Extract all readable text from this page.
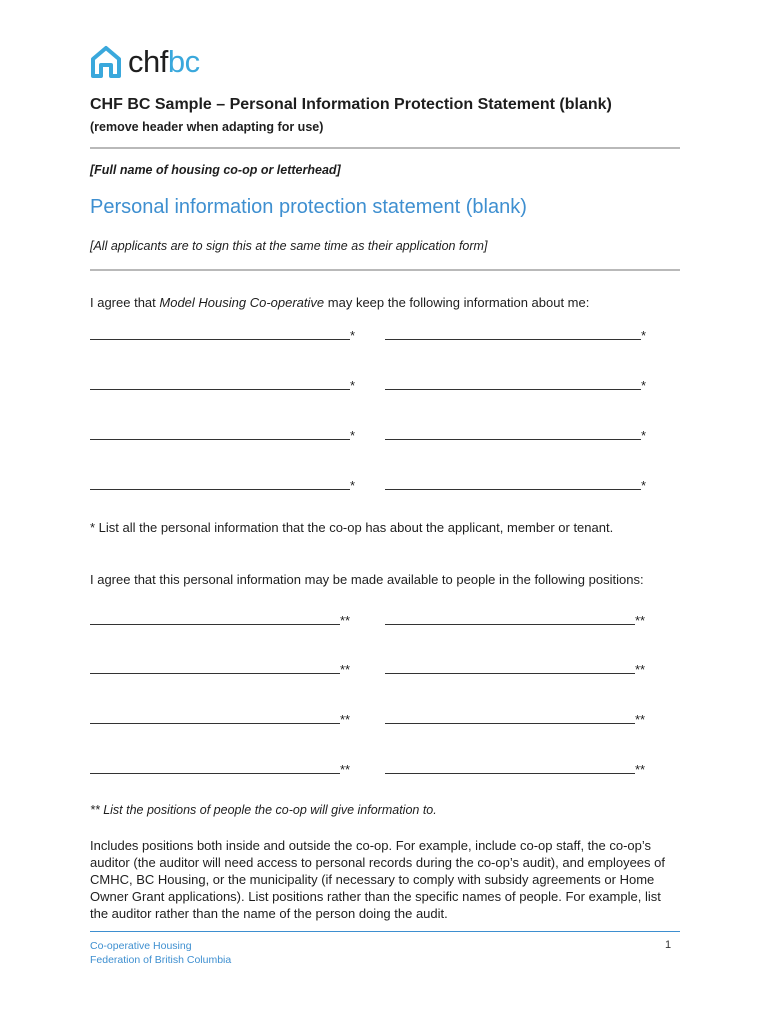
chfbc
CHF BC Sample – Personal Information Protection Statement (blank)
(remove header when adapting for use)
[Full name of housing co-op or letterhead]
Personal information protection statement (blank)
[All applicants are to sign this at the same time as their application form]
I agree that Model Housing Co-operative may keep the following information about me:
*	*
*	*
*	*
*	*
* List all the personal information that the co-op has about the applicant, member or tenant.
I agree that this personal information may be made available to people in the following positions:
**	**
**	**
**	**
**	**
** List the positions of people the co-op will give information to.
Includes positions both inside and outside the co-op. For example, include co-op staff, the co-op’s auditor (the auditor will need access to personal records during the co-op’s audit), and employees of CMHC, BC Housing, or the municipality (if necessary to comply with subsidy agreements or Home Owner Grant applications). List positions rather than the specific names of people. For example, list the auditor rather than the name of the person doing the audit.
Co-operative Housing
Federation of British Columbia
1
